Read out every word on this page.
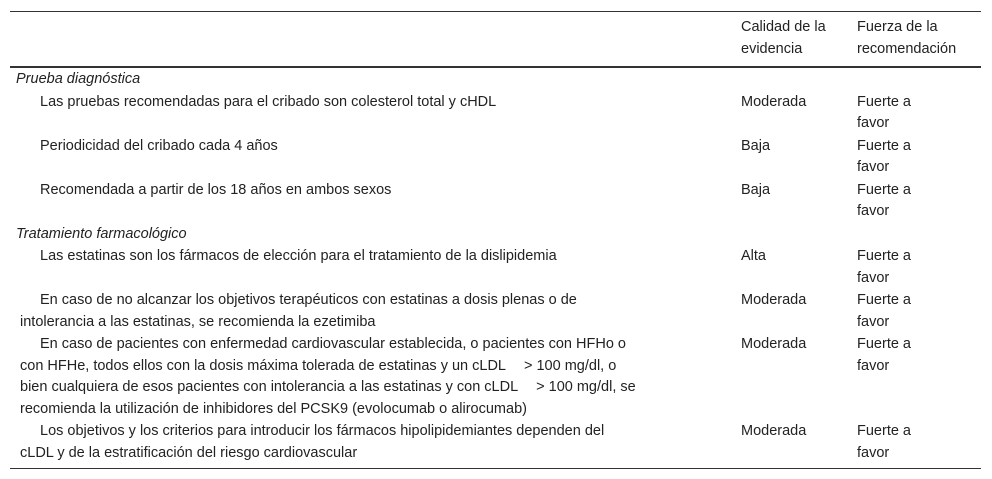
	Calidad de la
evidencia	Fuerza de la
recomendación
Prueba diagnóstica		
Las pruebas recomendadas para el cribado son colesterol total y cHDL	Moderada	Fuerte a
favor
Periodicidad del cribado cada 4 años	Baja	Fuerte a
favor
Recomendada a partir de los 18 años en ambos sexos	Baja	Fuerte a
favor
Tratamiento farmacológico		
Las estatinas son los fármacos de elección para el tratamiento de la dislipidemia	Alta	Fuerte a
favor
En caso de no alcanzar los objetivos terapéuticos con estatinas a dosis plenas o de
intolerancia a las estatinas, se recomienda la ezetimiba	Moderada	Fuerte a
favor
En caso de pacientes con enfermedad cardiovascular establecida, o pacientes con HFHo o
con HFHe, todos ellos con la dosis máxima tolerada de estatinas y un cLDL > 100 mg/dl, o
bien cualquiera de esos pacientes con intolerancia a las estatinas y con cLDL > 100 mg/dl, se
recomienda la utilización de inhibidores del PCSK9 (evolocumab o alirocumab)	Moderada	Fuerte a
favor
Los objetivos y los criterios para introducir los fármacos hipolipidemiantes dependen del
cLDL y de la estratificación del riesgo cardiovascular	Moderada	Fuerte a
favor
